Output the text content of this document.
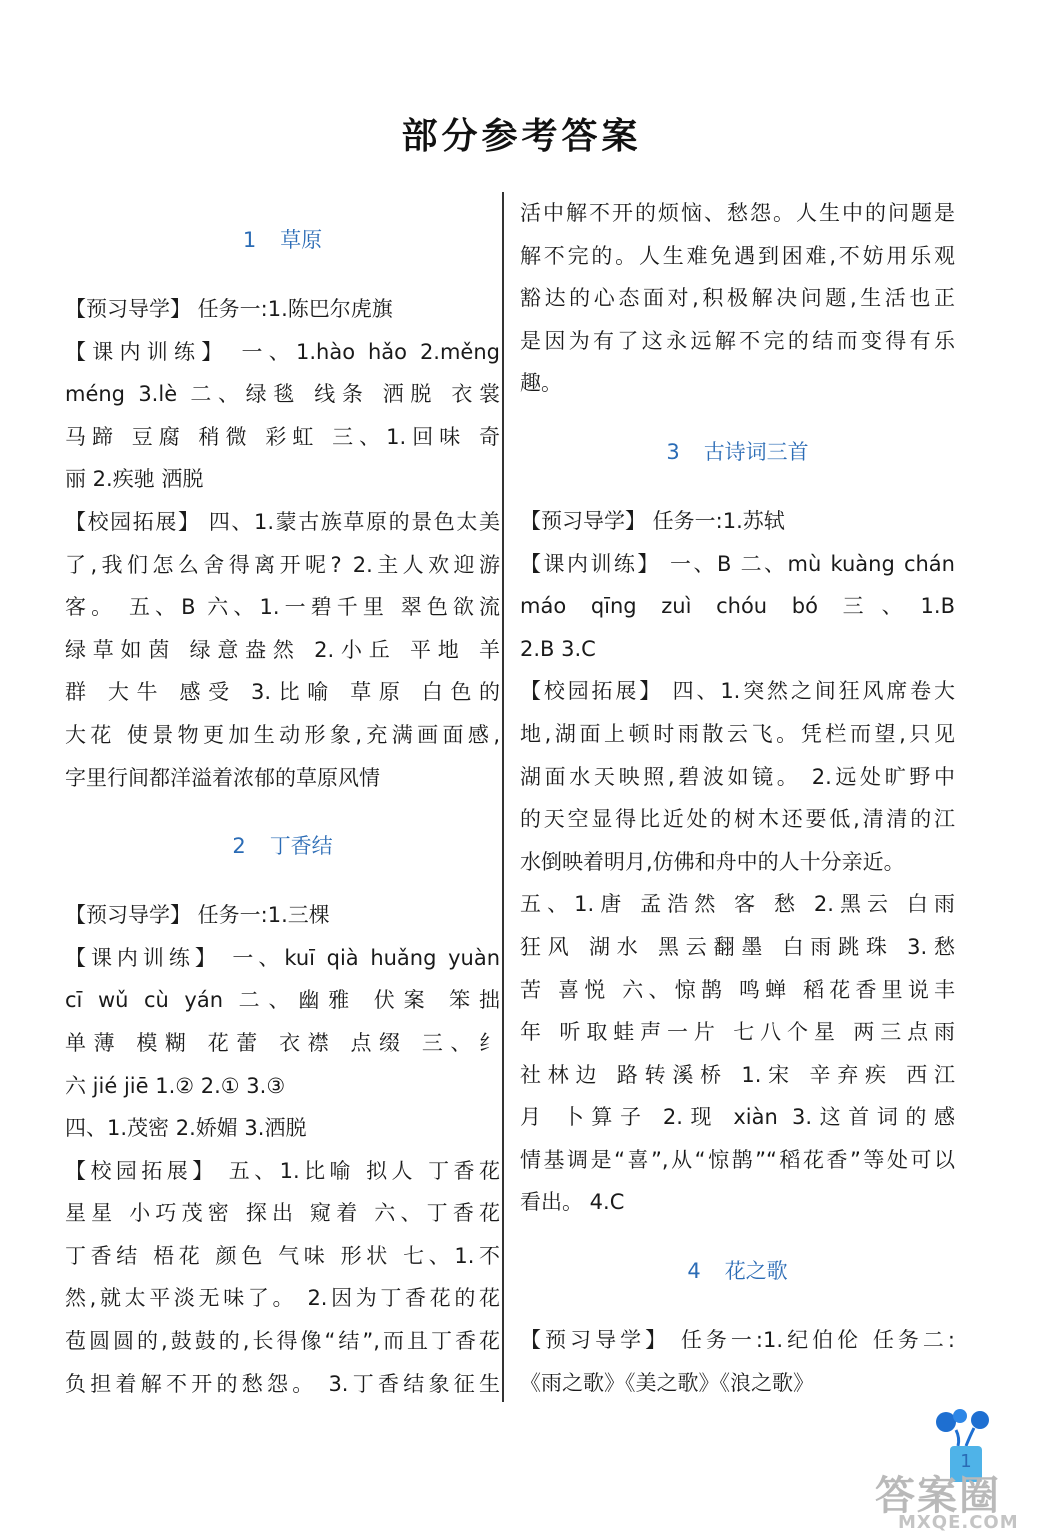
部分参考答案
1 草原
【预习导学】 任务一:1.陈巴尔虎旗
【课内训练】 一、1.hào hǎo 2.měng
méng 3.lè 二、绿毯 线条 洒脱 衣裳
马蹄 豆腐 稍微 彩虹 三、1.回味 奇
丽 2.疾驰 洒脱
【校园拓展】 四、1.蒙古族草原的景色太美
了,我们怎么舍得离开呢? 2.主人欢迎游
客。 五、B 六、1.一碧千里 翠色欲流
绿草如茵 绿意盎然 2.小丘 平地 羊
群 大牛 感受 3.比喻 草原 白色的
大花 使景物更加生动形象,充满画面感,
字里行间都洋溢着浓郁的草原风情
2 丁香结
【预习导学】 任务一:1.三棵
【课内训练】 一、kuī qià huǎng yuàn
cī wǔ cù yán 二、幽雅 伏案 笨拙
单薄 模糊 花蕾 衣襟 点缀 三、纟
六 jié jiē 1.② 2.① 3.③
四、1.茂密 2.娇媚 3.洒脱
【校园拓展】 五、1.比喻 拟人 丁香花
星星 小巧茂密 探出 窥着 六、丁香花
丁香结 梧花 颜色 气味 形状 七、1.不
然,就太平淡无味了。 2.因为丁香花的花
苞圆圆的,鼓鼓的,长得像“结”,而且丁香花
负担着解不开的愁怨。 3.丁香结象征生
活中解不开的烦恼、愁怨。人生中的问题是
解不完的。人生难免遇到困难,不妨用乐观
豁达的心态面对,积极解决问题,生活也正
是因为有了这永远解不完的结而变得有乐
趣。
3 古诗词三首
【预习导学】 任务一:1.苏轼
【课内训练】 一、B 二、mù kuàng chán
máo qīng zuì chóu bó 三、1.B
2.B 3.C
【校园拓展】 四、1.突然之间狂风席卷大
地,湖面上顿时雨散云飞。凭栏而望,只见
湖面水天映照,碧波如镜。 2.远处旷野中
的天空显得比近处的树木还要低,清清的江
水倒映着明月,仿佛和舟中的人十分亲近。
五、1.唐 孟浩然 客 愁 2.黑云 白雨
狂风 湖水 黑云翻墨 白雨跳珠 3.愁
苦 喜悦 六、惊鹊 鸣蝉 稻花香里说丰
年 听取蛙声一片 七八个星 两三点雨
社林边 路转溪桥 1.宋 辛弃疾 西江
月 卜算子 2.现 xiàn 3.这首词的感
情基调是“喜”,从“惊鹊”“稻花香”等处可以
看出。 4.C
4 花之歌
【预习导学】 任务一:1.纪伯伦 任务二:
《雨之歌》《美之歌》《浪之歌》
1
答案圈
MXQE.COM
